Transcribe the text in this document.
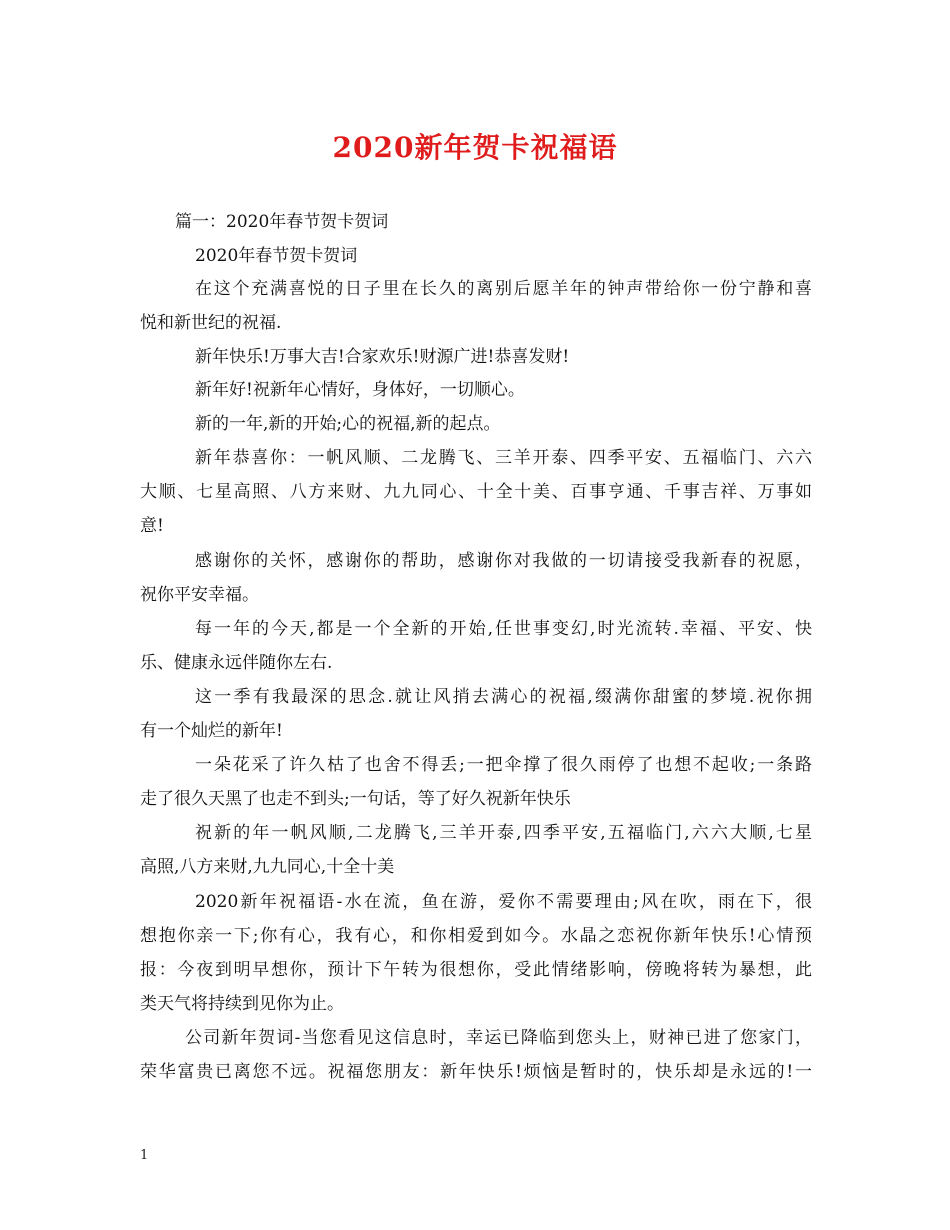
2020新年贺卡祝福语
篇一：2020年春节贺卡贺词
2020年春节贺卡贺词
在这个充满喜悦的日子里在长久的离别后愿羊年的钟声带给你一份宁静和喜
悦和新世纪的祝福.
新年快乐!万事大吉!合家欢乐!财源广进!恭喜发财!
新年好!祝新年心情好，身体好，一切顺心。
新的一年,新的开始;心的祝福,新的起点。
新年恭喜你：一帆风顺、二龙腾飞、三羊开泰、四季平安、五福临门、六六
大顺、七星高照、八方来财、九九同心、十全十美、百事亨通、千事吉祥、万事如
意!
感谢你的关怀，感谢你的帮助，感谢你对我做的一切请接受我新春的祝愿，
祝你平安幸福。
每一年的今天,都是一个全新的开始,任世事变幻,时光流转.幸福、平安、快
乐、健康永远伴随你左右.
这一季有我最深的思念.就让风捎去满心的祝福,缀满你甜蜜的梦境.祝你拥
有一个灿烂的新年!
一朵花采了许久枯了也舍不得丢;一把伞撑了很久雨停了也想不起收;一条路
走了很久天黑了也走不到头;一句话，等了好久祝新年快乐
祝新的年一帆风顺,二龙腾飞,三羊开泰,四季平安,五福临门,六六大顺,七星
高照,八方来财,九九同心,十全十美
2020新年祝福语-水在流，鱼在游，爱你不需要理由;风在吹，雨在下，很
想抱你亲一下;你有心，我有心，和你相爱到如今。水晶之恋祝你新年快乐!心情预
报：今夜到明早想你，预计下午转为很想你，受此情绪影响，傍晚将转为暴想，此
类天气将持续到见你为止。
公司新年贺词-当您看见这信息时，幸运已降临到您头上，财神已进了您家门，
荣华富贵已离您不远。祝福您朋友：新年快乐!烦恼是暂时的，快乐却是永远的!一
1
